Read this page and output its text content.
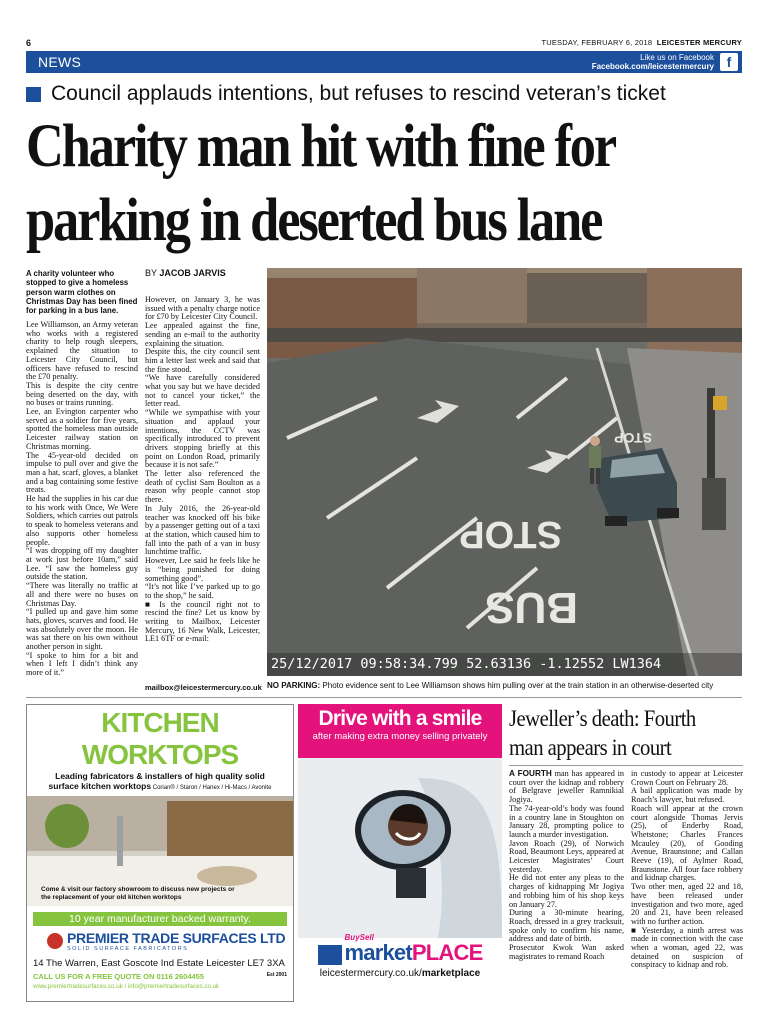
6	TUESDAY, FEBRUARY 6, 2018 LEICESTER MERCURY
NEWS	Like us on Facebook
Facebook.com/leicestermercury f
Council applauds intentions, but refuses to rescind veteran’s ticket
Charity man hit with fine for
parking in deserted bus lane
A charity volunteer who stopped to give a homeless person warm clothes on Christmas Day has been fined for parking in a bus lane.

Lee Williamson, an Army veteran who works with a registered charity to help rough sleepers, explained the situation to Leicester City Council, but officers have refused to rescind the £70 penalty.

This is despite the city centre being deserted on the day, with no buses or trains running.

Lee, an Evington carpenter who served as a soldier for five years, spotted the homeless man outside Leicester railway station on Christmas morning.

The 45-year-old decided on impulse to pull over and give the man a hat, scarf, gloves, a blanket and a bag containing some festive treats.

He had the supplies in his car due to his work with Once, We Were Soldiers, which carries out patrols to speak to homeless veterans and also supports other homeless people.

“I was dropping off my daughter at work just before 10am,” said Lee. “I saw the homeless guy outside the station.

“There was literally no traffic at all and there were no buses on Christmas Day.

“I pulled up and gave him some hats, gloves, scarves and food. He was absolutely over the moon. He was sat there on his own without another person in sight.

“I spoke to him for a bit and when I left I didn’t think any more of it.”

BY JACOB JARVIS

However, on January 3, he was issued with a penalty charge notice for £70 by Leicester City Council.

Lee appealed against the fine, sending an e-mail to the authority explaining the situation.

Despite this, the city council sent him a letter last week and said that the fine stood.

“We have carefully considered what you say but we have decided not to cancel your ticket,” the letter read.

“While we sympathise with your situation and applaud your intentions, the CCTV was specifically introduced to prevent drivers stopping briefly at this point on London Road, primarily because it is not safe.”

The letter also referenced the death of cyclist Sam Boulton as a reason why people cannot stop there.

In July 2016, the 26-year-old teacher was knocked off his bike by a passenger getting out of a taxi at the station, which caused him to fall into the path of a van in busy lunchtime traffic.

However, Lee said he feels like he is “being punished for doing something good”.

“It’s not like I’ve parked up to go to the shop,” he said.

■ Is the council right not to rescind the fine? Let us know by writing to Mailbox, Leicester Mercury, 16 New Walk, Leicester, LE1 6TF or e-mail:

mailbox@leicestermercury.co.uk
STOP
BUS
STOP
25/12/2017 09:58:34.799 52.63136 -1.12552 LW1364
NO PARKING: Photo evidence sent to Lee Williamson shows him pulling over at the train station in an otherwise-deserted city
KITCHEN WORKTOPS
Leading fabricators & installers of high quality solid
surface kitchen worktops Corian® / Staron / Hanex / Hi-Macs / Avonite
Come & visit our factory showroom to discuss new projects or
the replacement of your old kitchen worktops
10 year manufacturer backed warranty.
PREMIER TRADE SURFACES LTD
SOLID SURFACE FABRICATORS
14 The Warren, East Goscote Ind Estate Leicester LE7 3XA
CALL US FOR A FREE QUOTE ON 0116 2604455	Est 2001
www.premiertradesurfaces.co.uk / info@premiertradesurfaces.co.uk
Drive with a smile
after making extra money selling privately
BuySell
marketPLACE
leicestermercury.co.uk/marketplace
Jeweller’s death: Fourth
man appears in court

A FOURTH man has appeared in court over the kidnap and robbery of Belgrave jeweller Ramnikial Jogiya.

The 74-year-old’s body was found in a country lane in Stoughton on January 28, prompting police to launch a murder investigation.

Javon Roach (29), of Norwich Road, Beaumont Leys, appeared at Leicester Magistrates’ Court yesterday.

He did not enter any pleas to the charges of kidnapping Mr Jogiya and robbing him of his shop keys on January 27.

During a 30-minute hearing, Roach, dressed in a grey tracksuit, spoke only to confirm his name, address and date of birth.

Prosecutor Kwok Wan asked magistrates to remand Roach

in custody to appear at Leicester Crown Court on February 28.

A bail application was made by Roach’s lawyer, but refused.

Roach will appear at the crown court alongside Thomas Jervis (25), of Enderby Road, Whetstone; Charles Frances Mcauley (20), of Gooding Avenue, Braunstone; and Callan Reeve (19), of Aylmer Road, Braunstone. All four face robbery and kidnap charges.

Two other men, aged 22 and 18, have been released under investigation and two more, aged 20 and 21, have been released with no further action.

■ Yesterday, a ninth arrest was made in connection with the case when a woman, aged 22, was detained on suspicion of conspiracy to kidnap and rob.
